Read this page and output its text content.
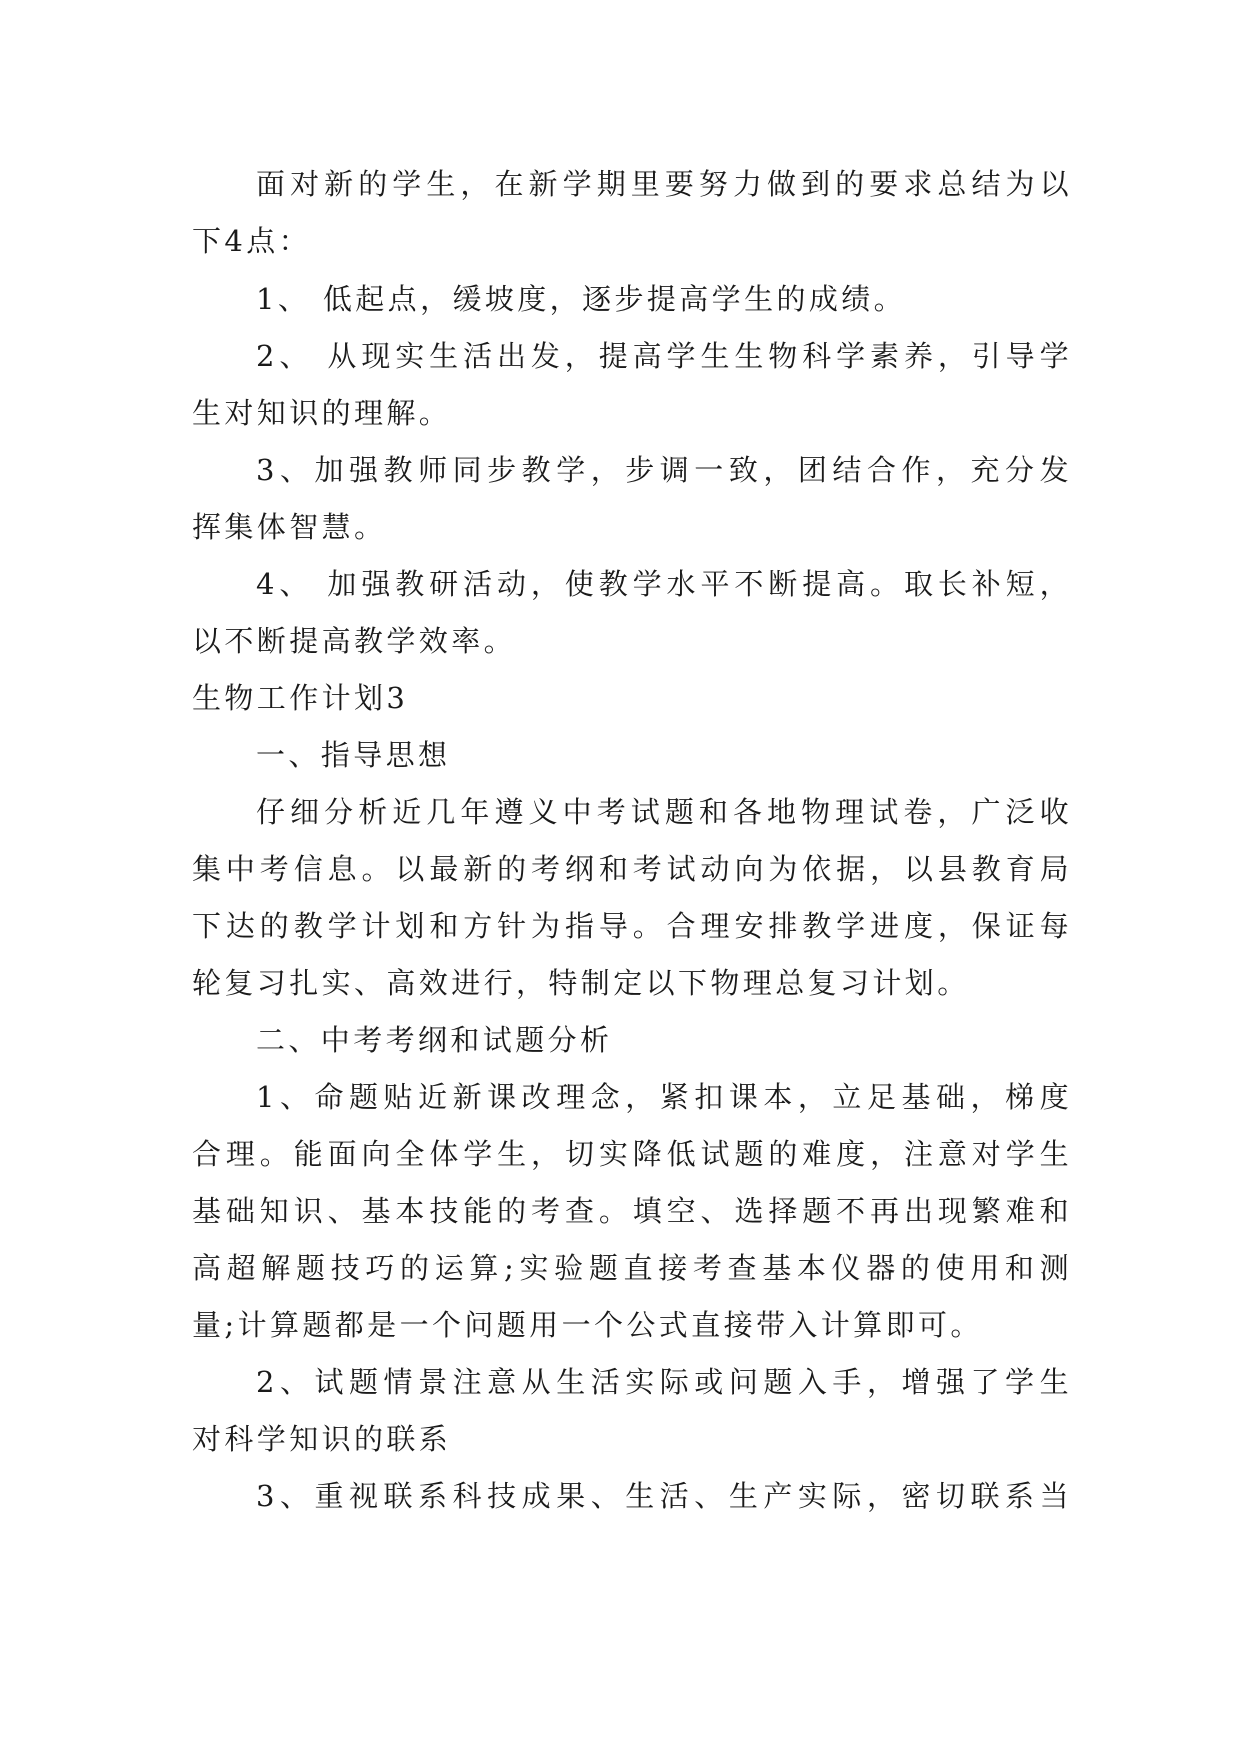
面对新的学生，在新学期里要努力做到的要求总结为以
下4点：
1、 低起点，缓坡度，逐步提高学生的成绩。
2、 从现实生活出发，提高学生生物科学素养，引导学
生对知识的理解。
3、加强教师同步教学，步调一致，团结合作，充分发
挥集体智慧。
4、 加强教研活动，使教学水平不断提高。取长补短，
以不断提高教学效率。
生物工作计划3
一、指导思想
仔细分析近几年遵义中考试题和各地物理试卷，广泛收
集中考信息。以最新的考纲和考试动向为依据，以县教育局
下达的教学计划和方针为指导。合理安排教学进度，保证每
轮复习扎实、高效进行，特制定以下物理总复习计划。
二、中考考纲和试题分析
1、命题贴近新课改理念，紧扣课本，立足基础，梯度
合理。能面向全体学生，切实降低试题的难度，注意对学生
基础知识、基本技能的考查。填空、选择题不再出现繁难和
高超解题技巧的运算;实验题直接考查基本仪器的使用和测
量;计算题都是一个问题用一个公式直接带入计算即可。
2、试题情景注意从生活实际或问题入手，增强了学生
对科学知识的联系
3、重视联系科技成果、生活、生产实际，密切联系当
